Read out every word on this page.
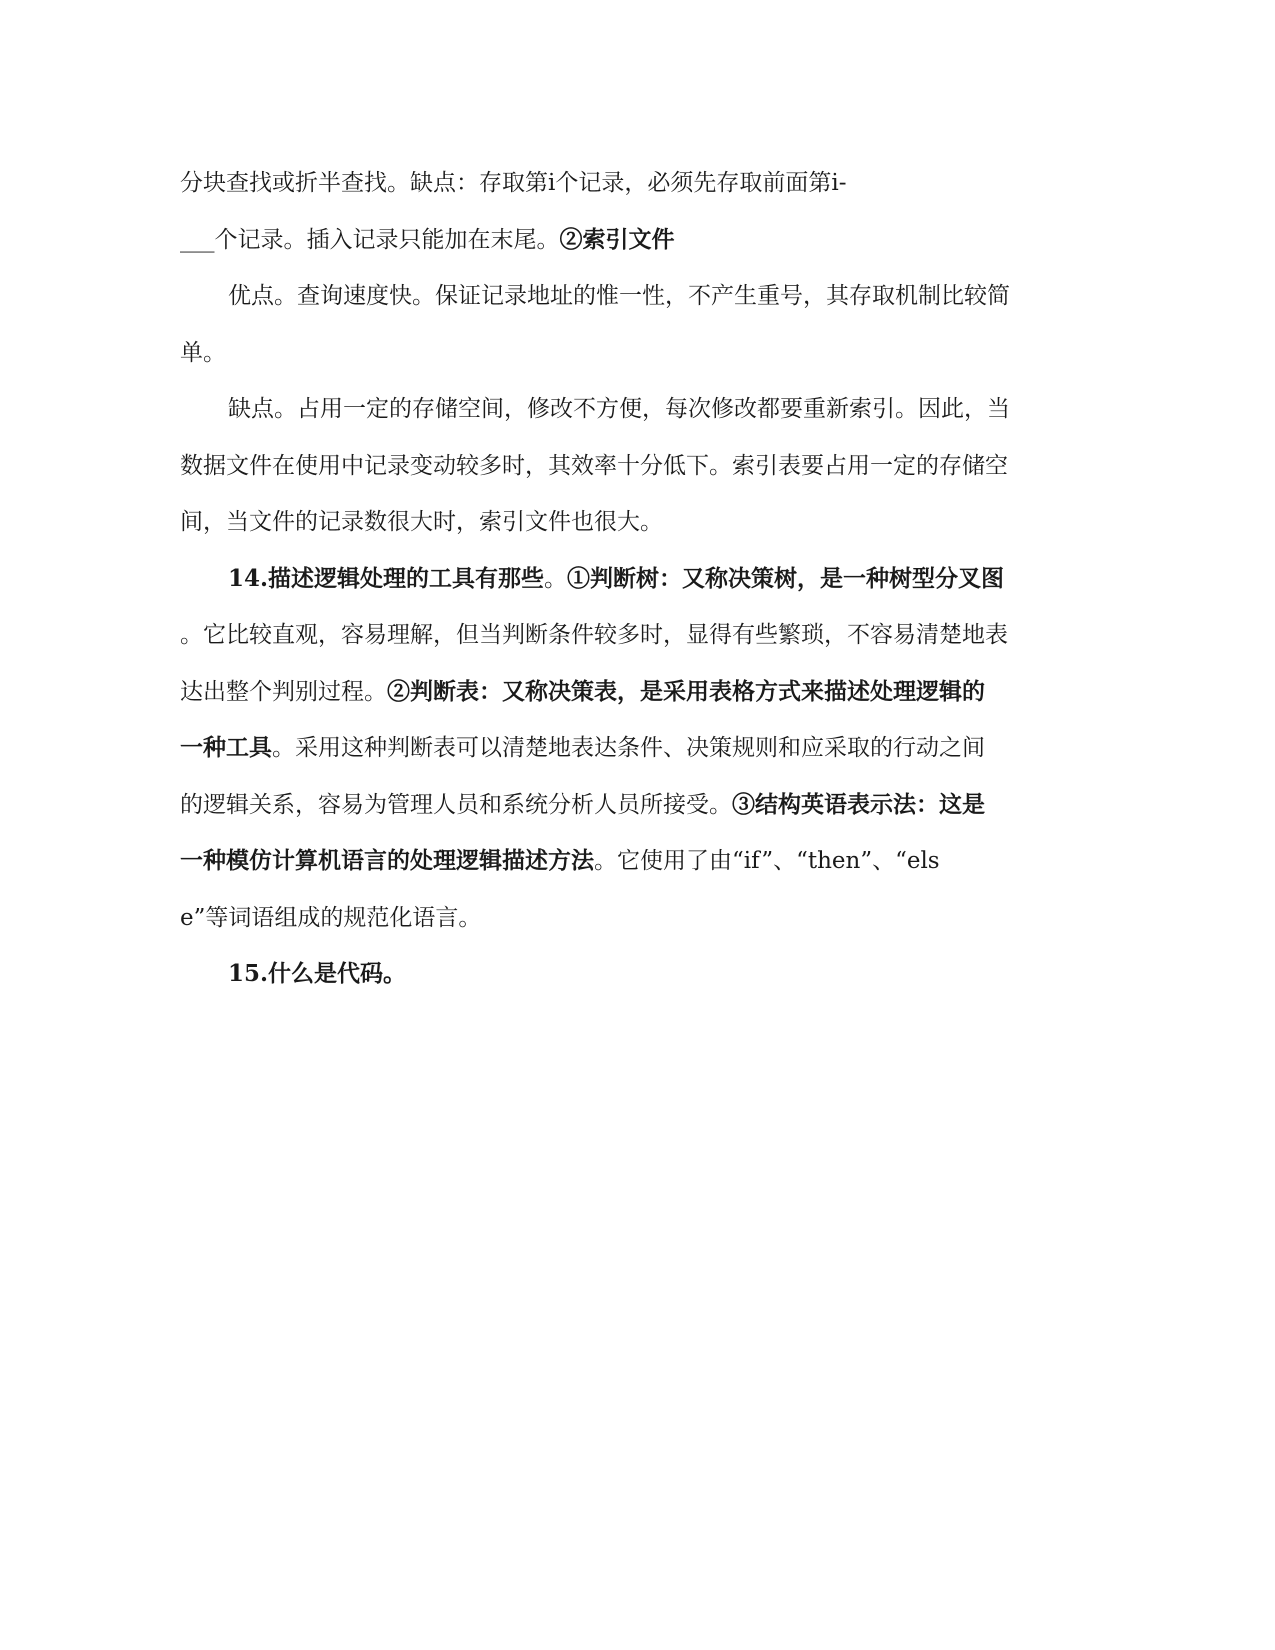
分块查找或折半查找。缺点：存取第i个记录，必须先存取前面第i-
___个记录。插入记录只能加在末尾。②索引文件
优点。查询速度快。保证记录地址的惟一性，不产生重号，其存取机制比较简
单。
缺点。占用一定的存储空间，修改不方便，每次修改都要重新索引。因此，当
数据文件在使用中记录变动较多时，其效率十分低下。索引表要占用一定的存储空
间，当文件的记录数很大时，索引文件也很大。
14.描述逻辑处理的工具有那些。①判断树：又称决策树，是一种树型分叉图
。它比较直观，容易理解，但当判断条件较多时，显得有些繁琐，不容易清楚地表
达出整个判别过程。②判断表：又称决策表，是采用表格方式来描述处理逻辑的
一种工具。采用这种判断表可以清楚地表达条件、决策规则和应采取的行动之间
的逻辑关系，容易为管理人员和系统分析人员所接受。③结构英语表示法：这是
一种模仿计算机语言的处理逻辑描述方法。它使用了由“if”、“then”、“els
e”等词语组成的规范化语言。
15.什么是代码。
